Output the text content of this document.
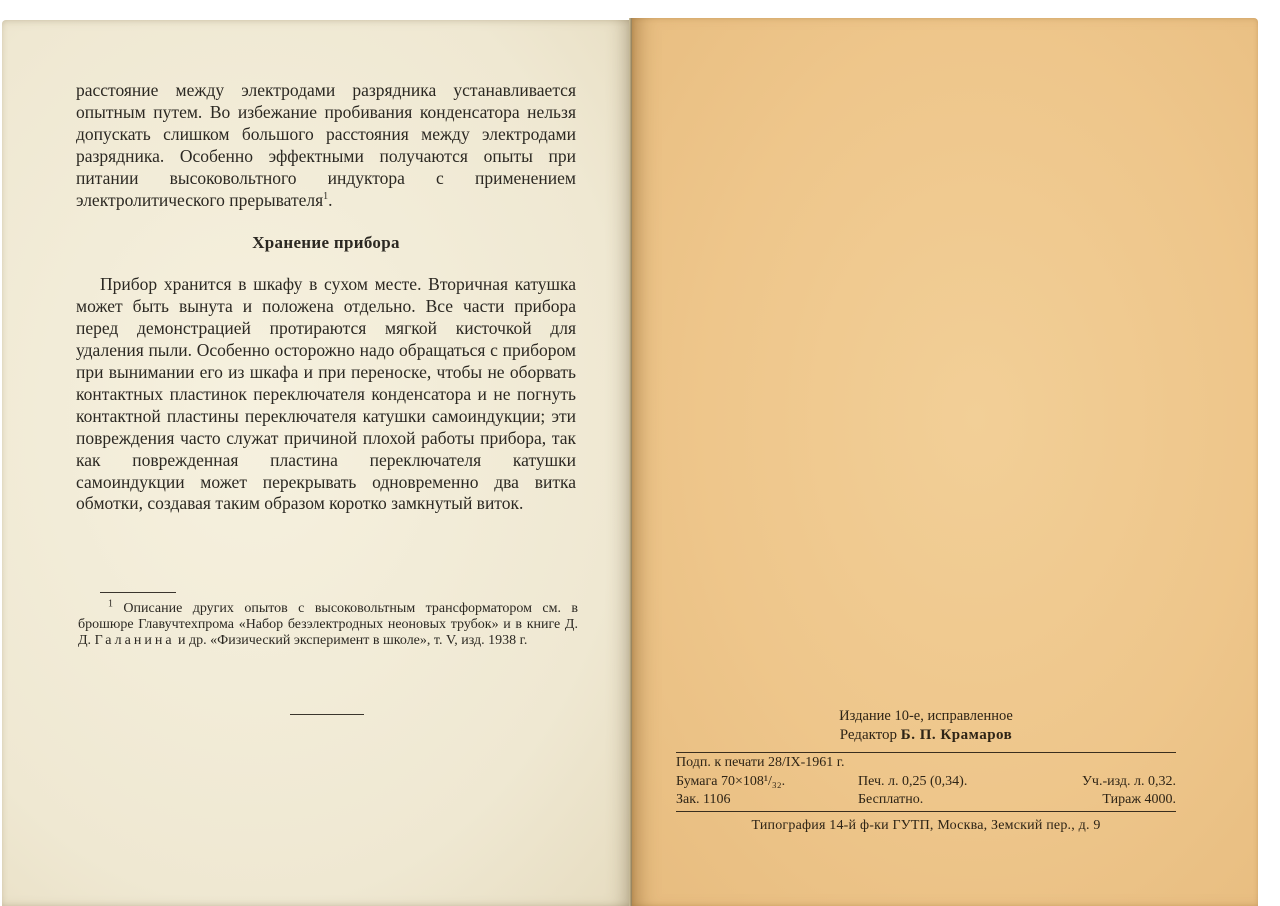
расстояние между электродами разрядника устанавливается опытным путем. Во избежание пробивания конденсатора нельзя допускать слишком большого расстояния между электродами разрядника. Особенно эффектными получаются опыты при питании высоковольтного индуктора с применением электролитического прерывателя$^1$.

Хранение прибора

Прибор хранится в шкафу в сухом месте. Вторичная катушка может быть вынута и положена отдельно. Все части прибора перед демонстрацией протираются мягкой кисточкой для удаления пыли. Особенно осторожно надо обращаться с прибором при вынимании его из шкафа и при переноске, чтобы не оборвать контактных пластинок переключателя конденсатора и не погнуть контактной пластины переключателя катушки самоиндукции; эти повреждения часто служат причиной плохой работы прибора, так как поврежденная пластина переключателя катушки самоиндукции может перекрывать одновременно два витка обмотки, создавая таким образом коротко замкнутый виток.

$^1$ Описание других опытов с высоковольтным трансформатором см. в брошюре Главучтехпрома «Набор безэлектродных неоновых трубок» и в книге Д. Д. Галанина и др. «Физический эксперимент в школе», т. V, изд. 1938 г.

Издание 10-е, исправленное
Редактор Б. П. Крамаров
Подп. к печати 28/IX-1961 г.
Бумага 70×108¹/₃₂.	Печ. л. 0,25 (0,34).	Уч.-изд. л. 0,32.
Зак. 1106	Бесплатно.	Тираж 4000.
Типография 14-й ф-ки ГУТП, Москва, Земский пер., д. 9
